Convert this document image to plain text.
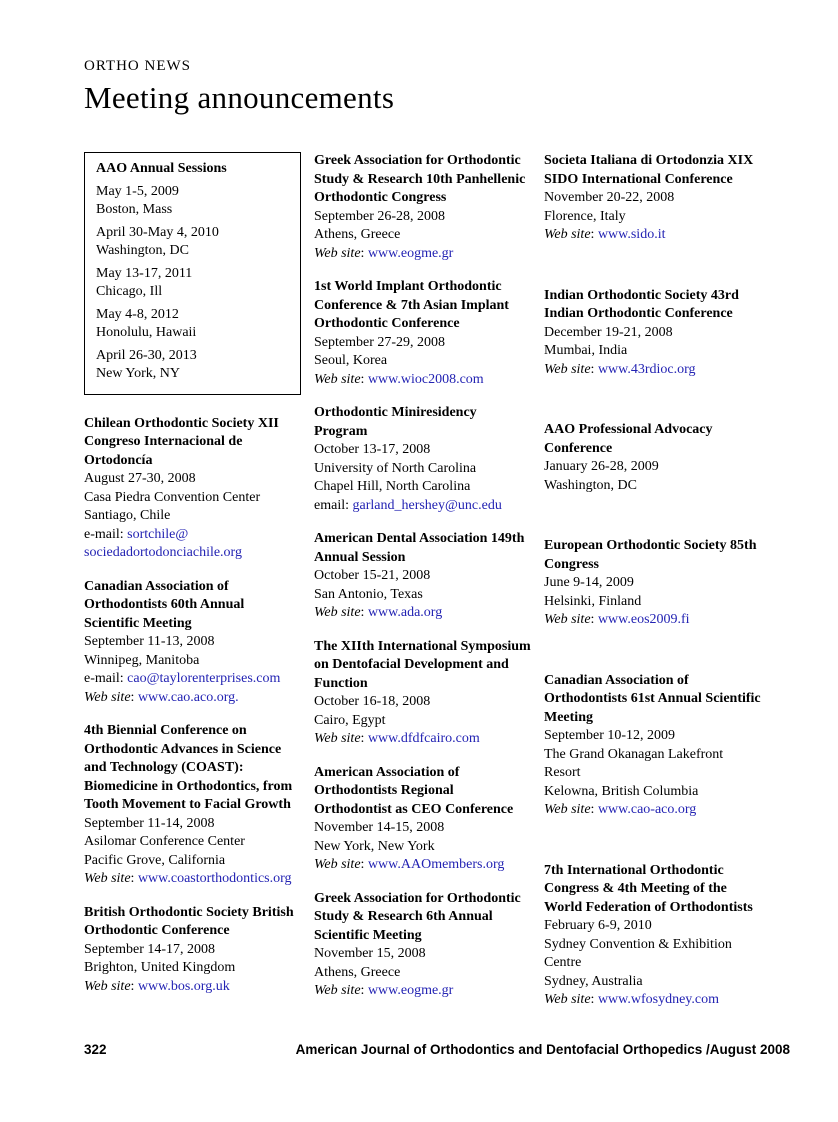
ORTHO NEWS
Meeting announcements
AAO Annual Sessions
May 1-5, 2009
Boston, Mass
April 30-May 4, 2010
Washington, DC
May 13-17, 2011
Chicago, Ill
May 4-8, 2012
Honolulu, Hawaii
April 26-30, 2013
New York, NY
Chilean Orthodontic Society XII Congreso Internacional de Ortodoncía
August 27-30, 2008
Casa Piedra Convention Center
Santiago, Chile
e-mail: sortchile@
sociedadortodonciachile.org
Canadian Association of Orthodontists 60th Annual Scientific Meeting
September 11-13, 2008
Winnipeg, Manitoba
e-mail: cao@taylorenterprises.com
Web site: www.cao.aco.org.
4th Biennial Conference on Orthodontic Advances in Science and Technology (COAST): Biomedicine in Orthodontics, from Tooth Movement to Facial Growth
September 11-14, 2008
Asilomar Conference Center
Pacific Grove, California
Web site: www.coastorthodontics.org
British Orthodontic Society British Orthodontic Conference
September 14-17, 2008
Brighton, United Kingdom
Web site: www.bos.org.uk
Greek Association for Orthodontic Study & Research 10th Panhellenic Orthodontic Congress
September 26-28, 2008
Athens, Greece
Web site: www.eogme.gr
1st World Implant Orthodontic Conference & 7th Asian Implant Orthodontic Conference
September 27-29, 2008
Seoul, Korea
Web site: www.wioc2008.com
Orthodontic Miniresidency Program
October 13-17, 2008
University of North Carolina
Chapel Hill, North Carolina
email: garland_hershey@unc.edu
American Dental Association 149th Annual Session
October 15-21, 2008
San Antonio, Texas
Web site: www.ada.org
The XIIth International Symposium on Dentofacial Development and Function
October 16-18, 2008
Cairo, Egypt
Web site: www.dfdfcairo.com
American Association of Orthodontists Regional Orthodontist as CEO Conference
November 14-15, 2008
New York, New York
Web site: www.AAOmembers.org
Greek Association for Orthodontic Study & Research 6th Annual Scientific Meeting
November 15, 2008
Athens, Greece
Web site: www.eogme.gr
Societa Italiana di Ortodonzia XIX SIDO International Conference
November 20-22, 2008
Florence, Italy
Web site: www.sido.it
Indian Orthodontic Society 43rd Indian Orthodontic Conference
December 19-21, 2008
Mumbai, India
Web site: www.43rdioc.org
AAO Professional Advocacy Conference
January 26-28, 2009
Washington, DC
European Orthodontic Society 85th Congress
June 9-14, 2009
Helsinki, Finland
Web site: www.eos2009.fi
Canadian Association of Orthodontists 61st Annual Scientific Meeting
September 10-12, 2009
The Grand Okanagan Lakefront
Resort
Kelowna, British Columbia
Web site: www.cao-aco.org
7th International Orthodontic Congress & 4th Meeting of the World Federation of Orthodontists
February 6-9, 2010
Sydney Convention & Exhibition
Centre
Sydney, Australia
Web site: www.wfosydney.com
322	American Journal of Orthodontics and Dentofacial Orthopedics /August 2008
